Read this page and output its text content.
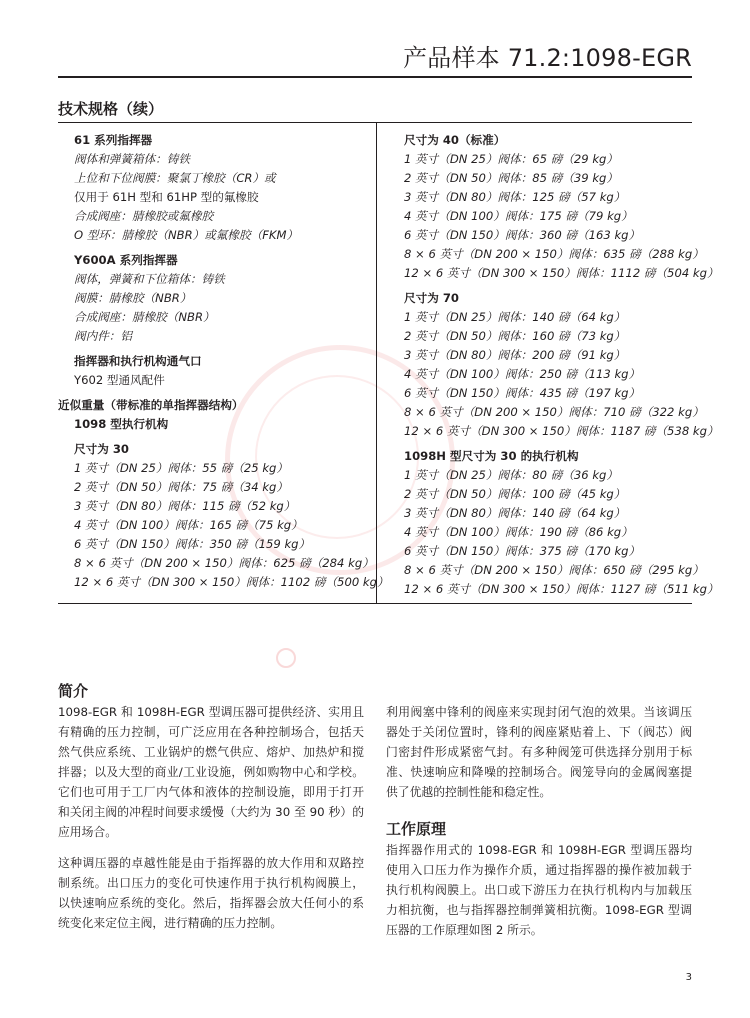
产品样本 71.2:1098-EGR
技术规格（续）
61 系列指挥器
阀体和弹簧箱体：铸铁
上位和下位阀膜：聚氯丁橡胶（CR）或
仅用于 61H 型和 61HP 型的氟橡胶
合成阀座：腈橡胶或氟橡胶
O 型环：腈橡胶（NBR）或氟橡胶（FKM）
Y600A 系列指挥器
阀体，弹簧和下位箱体：铸铁
阀膜：腈橡胶（NBR）
合成阀座：腈橡胶（NBR）
阀内件：铝
指挥器和执行机构通气口
Y602 型通风配件
近似重量（带标准的单指挥器结构）
1098 型执行机构
尺寸为 30
1 英寸（DN 25）阀体：55 磅（25 kg）
2 英寸（DN 50）阀体：75 磅（34 kg）
3 英寸（DN 80）阀体：115 磅（52 kg）
4 英寸（DN 100）阀体：165 磅（75 kg）
6 英寸（DN 150）阀体：350 磅（159 kg）
8 × 6 英寸（DN 200 × 150）阀体：625 磅（284 kg）
12 × 6 英寸（DN 300 × 150）阀体：1102 磅（500 kg）
尺寸为 40（标准）
1 英寸（DN 25）阀体：65 磅（29 kg）
2 英寸（DN 50）阀体：85 磅（39 kg）
3 英寸（DN 80）阀体：125 磅（57 kg）
4 英寸（DN 100）阀体：175 磅（79 kg）
6 英寸（DN 150）阀体：360 磅（163 kg）
8 × 6 英寸（DN 200 × 150）阀体：635 磅（288 kg）
12 × 6 英寸（DN 300 × 150）阀体：1112 磅（504 kg）
尺寸为 70
1 英寸（DN 25）阀体：140 磅（64 kg）
2 英寸（DN 50）阀体：160 磅（73 kg）
3 英寸（DN 80）阀体：200 磅（91 kg）
4 英寸（DN 100）阀体：250 磅（113 kg）
6 英寸（DN 150）阀体：435 磅（197 kg）
8 × 6 英寸（DN 200 × 150）阀体：710 磅（322 kg）
12 × 6 英寸（DN 300 × 150）阀体：1187 磅（538 kg）
1098H 型尺寸为 30 的执行机构
1 英寸（DN 25）阀体：80 磅（36 kg）
2 英寸（DN 50）阀体：100 磅（45 kg）
3 英寸（DN 80）阀体：140 磅（64 kg）
4 英寸（DN 100）阀体：190 磅（86 kg）
6 英寸（DN 150）阀体：375 磅（170 kg）
8 × 6 英寸（DN 200 × 150）阀体：650 磅（295 kg）
12 × 6 英寸（DN 300 × 150）阀体：1127 磅（511 kg）
简介
1098-EGR 和 1098H-EGR 型调压器可提供经济、实用且有精确的压力控制，可广泛应用在各种控制场合，包括天然气供应系统、工业锅炉的燃气供应、熔炉、加热炉和搅拌器；以及大型的商业/工业设施，例如购物中心和学校。它们也可用于工厂内气体和液体的控制设施，即用于打开和关闭主阀的冲程时间要求缓慢（大约为 30 至 90 秒）的应用场合。
这种调压器的卓越性能是由于指挥器的放大作用和双路控制系统。出口压力的变化可快速作用于执行机构阀膜上，以快速响应系统的变化。然后，指挥器会放大任何小的系统变化来定位主阀，进行精确的压力控制。
利用阀塞中锋利的阀座来实现封闭气泡的效果。当该调压器处于关闭位置时，锋利的阀座紧贴着上、下（阀芯）阀门密封件形成紧密气封。有多种阀笼可供选择分别用于标准、快速响应和降噪的控制场合。阀笼导向的金属阀塞提供了优越的控制性能和稳定性。
工作原理
指挥器作用式的 1098-EGR 和 1098H-EGR 型调压器均使用入口压力作为操作介质，通过指挥器的操作被加载于执行机构阀膜上。出口或下游压力在执行机构内与加载压力相抗衡，也与指挥器控制弹簧相抗衡。1098-EGR 型调压器的工作原理如图 2 所示。
3
